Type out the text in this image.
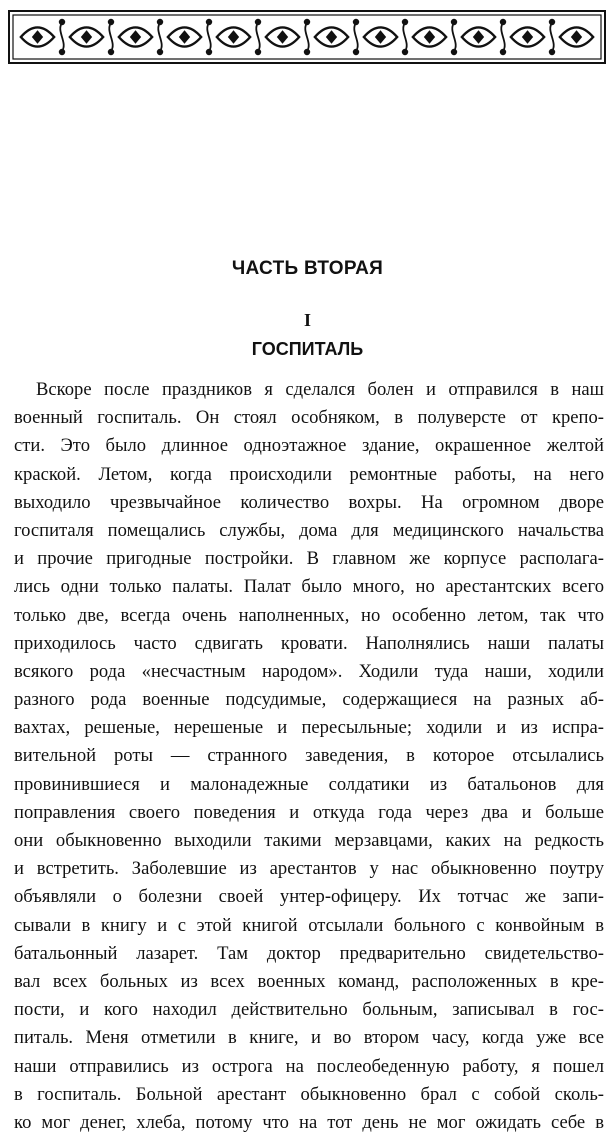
ЧАСТЬ ВТОРАЯ
I
ГОСПИТАЛЬ
Вскоре после праздников я сделался болен и отправился в наш
военный госпиталь. Он стоял особняком, в полуверсте от крепо-
сти. Это было длинное одноэтажное здание, окрашенное желтой
краской. Летом, когда происходили ремонтные работы, на него
выходило чрезвычайное количество вохры. На огромном дворе
госпиталя помещались службы, дома для медицинского начальства
и прочие пригодные постройки. В главном же корпусе располага-
лись одни только палаты. Палат было много, но арестантских всего
только две, всегда очень наполненных, но особенно летом, так что
приходилось часто сдвигать кровати. Наполнялись наши палаты
всякого рода «несчастным народом». Ходили туда наши, ходили
разного рода военные подсудимые, содержащиеся на разных аб-
вахтах, решеные, нерешеные и пересыльные; ходили и из испра-
вительной роты — странного заведения, в которое отсылались
провинившиеся и малонадежные солдатики из батальонов для
поправления своего поведения и откуда года через два и больше
они обыкновенно выходили такими мерзавцами, каких на редкость
и встретить. Заболевшие из арестантов у нас обыкновенно поутру
объявляли о болезни своей унтер-офицеру. Их тотчас же запи-
сывали в книгу и с этой книгой отсылали больного с конвойным в
батальонный лазарет. Там доктор предварительно свидетельство-
вал всех больных из всех военных команд, расположенных в кре-
пости, и кого находил действительно больным, записывал в гос-
питаль. Меня отметили в книге, и во втором часу, когда уже все
наши отправились из острога на послеобеденную работу, я пошел
в госпиталь. Больной арестант обыкновенно брал с собой сколь-
ко мог денег, хлеба, потому что на тот день не мог ожидать себе в
